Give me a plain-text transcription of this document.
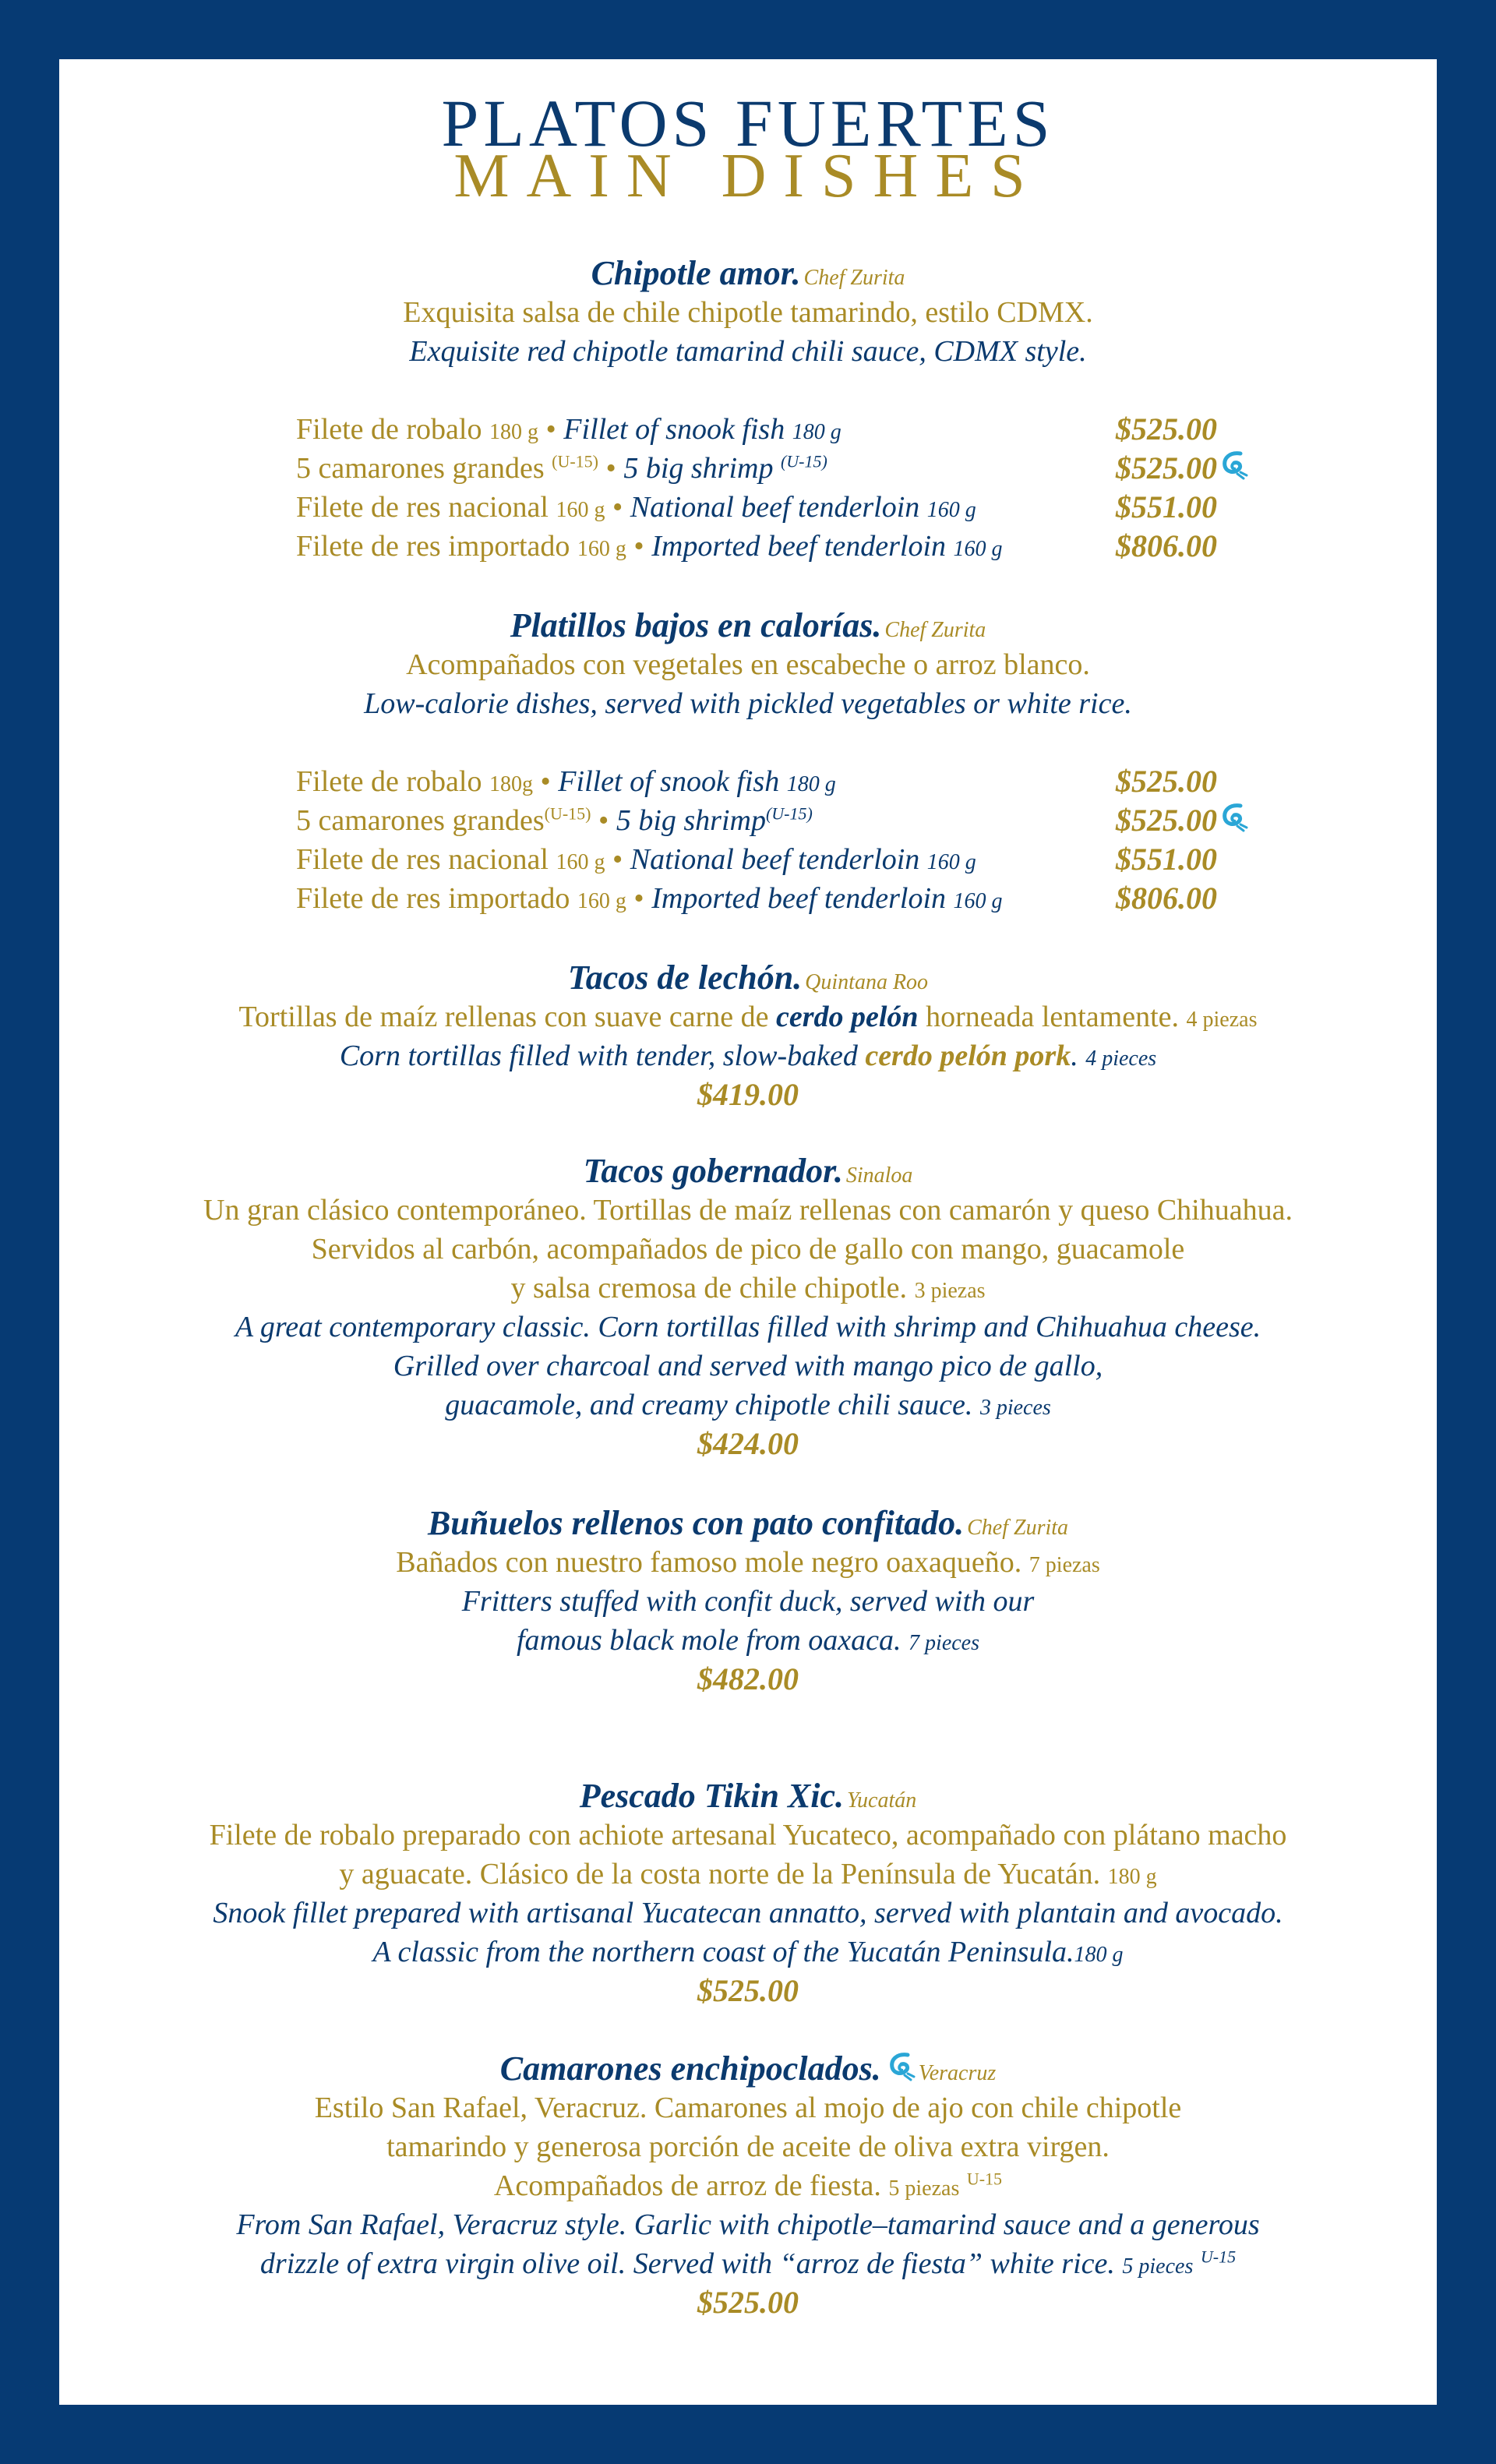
PLATOS FUERTES
MAIN DISHES
Chipotle amor. Chef Zurita
Exquisita salsa de chile chipotle tamarindo, estilo CDMX.
Exquisite red chipotle tamarind chili sauce, CDMX style.
Filete de robalo 180 g • Fillet of snook fish 180 g	$525.00
5 camarones grandes $^{(U-15)}$ • 5 big shrimp $^{(U-15)}$	$525.00
Filete de res nacional 160 g • National beef tenderloin 160 g	$551.00
Filete de res importado 160 g • Imported beef tenderloin 160 g	$806.00
Platillos bajos en calorías. Chef Zurita
Acompañados con vegetales en escabeche o arroz blanco.
Low-calorie dishes, served with pickled vegetables or white rice.
Filete de robalo 180g • Fillet of snook fish 180 g	$525.00
5 camarones grandes$^{(U-15)}$ • 5 big shrimp$^{(U-15)}$	$525.00
Filete de res nacional 160 g • National beef tenderloin 160 g	$551.00
Filete de res importado 160 g • Imported beef tenderloin 160 g	$806.00
Tacos de lechón. Quintana Roo
Tortillas de maíz rellenas con suave carne de cerdo pelón horneada lentamente. 4 piezas
Corn tortillas filled with tender, slow-baked cerdo pelón pork. 4 pieces
$419.00
Tacos gobernador. Sinaloa
Un gran clásico contemporáneo. Tortillas de maíz rellenas con camarón y queso Chihuahua.
Servidos al carbón, acompañados de pico de gallo con mango, guacamole
y salsa cremosa de chile chipotle. 3 piezas
A great contemporary classic. Corn tortillas filled with shrimp and Chihuahua cheese.
Grilled over charcoal and served with mango pico de gallo,
guacamole, and creamy chipotle chili sauce. 3 pieces
$424.00
Buñuelos rellenos con pato confitado. Chef Zurita
Bañados con nuestro famoso mole negro oaxaqueño. 7 piezas
Fritters stuffed with confit duck, served with our
famous black mole from oaxaca. 7 pieces
$482.00
Pescado Tikin Xic. Yucatán
Filete de robalo preparado con achiote artesanal Yucateco, acompañado con plátano macho
y aguacate. Clásico de la costa norte de la Península de Yucatán. 180 g
Snook fillet prepared with artisanal Yucatecan annatto, served with plantain and avocado.
A classic from the northern coast of the Yucatán Peninsula.180 g
$525.00
Camarones enchipoclados. Veracruz
Estilo San Rafael, Veracruz. Camarones al mojo de ajo con chile chipotle
tamarindo y generosa porción de aceite de oliva extra virgen.
Acompañados de arroz de fiesta. 5 piezas $^{U-15}$
From San Rafael, Veracruz style. Garlic with chipotle–tamarind sauce and a generous
drizzle of extra virgin olive oil. Served with “arroz de fiesta” white rice. 5 pieces $^{U-15}$
$525.00
